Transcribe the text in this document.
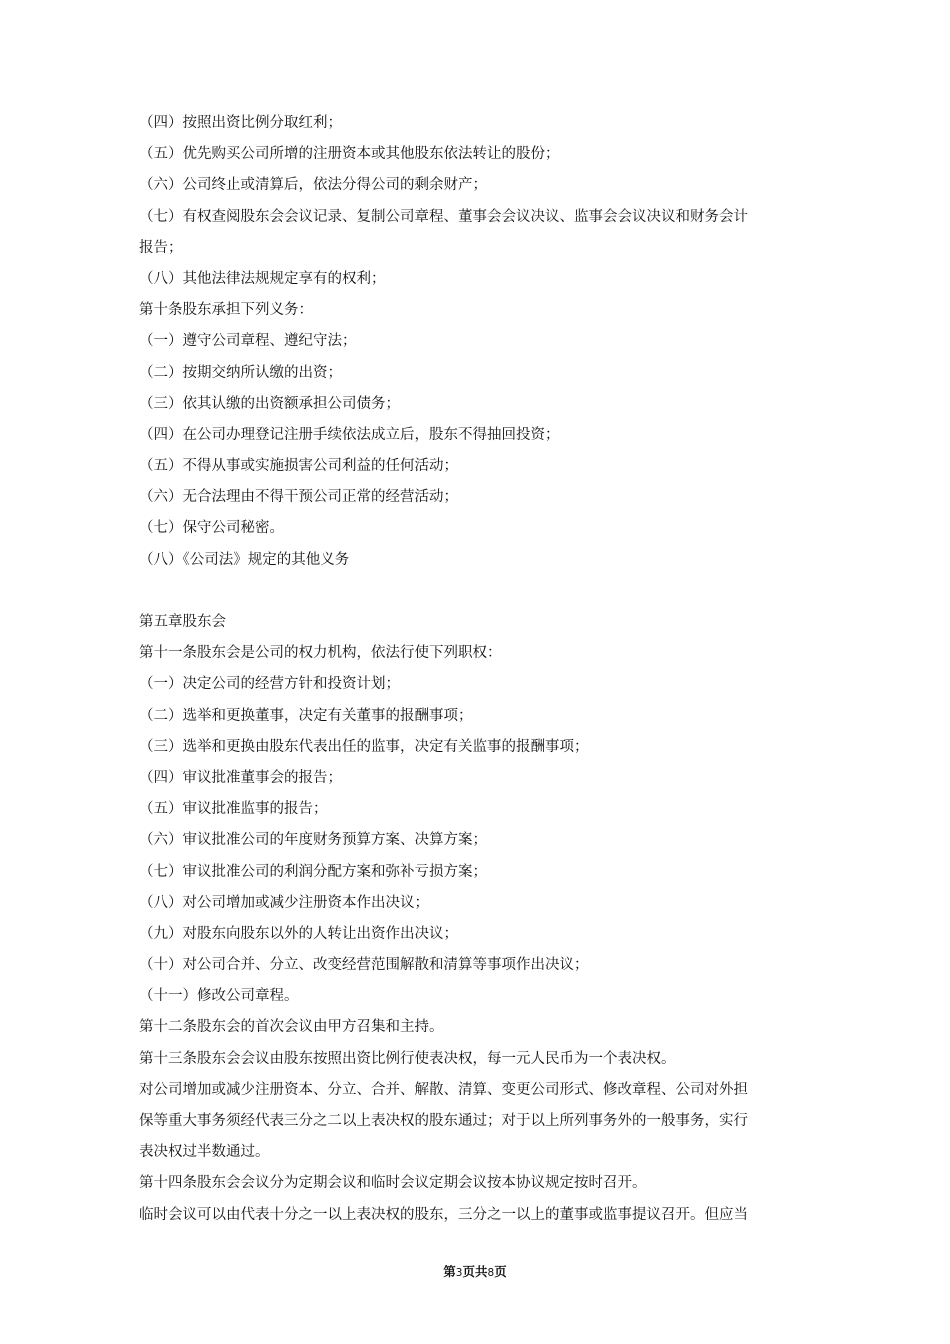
（四）按照出资比例分取红利；
（五）优先购买公司所增的注册资本或其他股东依法转让的股份；
（六）公司终止或清算后，依法分得公司的剩余财产；
（七）有权查阅股东会会议记录、复制公司章程、董事会会议决议、监事会会议决议和财务会计
报告；
（八）其他法律法规规定享有的权利；
第十条股东承担下列义务：
（一）遵守公司章程、遵纪守法；
（二）按期交纳所认缴的出资；
（三）依其认缴的出资额承担公司债务；
（四）在公司办理登记注册手续依法成立后，股东不得抽回投资；
（五）不得从事或实施损害公司利益的任何活动；
（六）无合法理由不得干预公司正常的经营活动；
（七）保守公司秘密。
（八）《公司法》规定的其他义务
第五章股东会
第十一条股东会是公司的权力机构，依法行使下列职权：
（一）决定公司的经营方针和投资计划；
（二）选举和更换董事，决定有关董事的报酬事项；
（三）选举和更换由股东代表出任的监事，决定有关监事的报酬事项；
（四）审议批准董事会的报告；
（五）审议批准监事的报告；
（六）审议批准公司的年度财务预算方案、决算方案；
（七）审议批准公司的利润分配方案和弥补亏损方案；
（八）对公司增加或减少注册资本作出决议；
（九）对股东向股东以外的人转让出资作出决议；
（十）对公司合并、分立、改变经营范围解散和清算等事项作出决议；
（十一）修改公司章程。
第十二条股东会的首次会议由甲方召集和主持。
第十三条股东会会议由股东按照出资比例行使表决权，每一元人民币为一个表决权。
对公司增加或减少注册资本、分立、合并、解散、清算、变更公司形式、修改章程、公司对外担
保等重大事务须经代表三分之二以上表决权的股东通过；对于以上所列事务外的一般事务，实行
表决权过半数通过。
第十四条股东会会议分为定期会议和临时会议定期会议按本协议规定按时召开。
临时会议可以由代表十分之一以上表决权的股东，三分之一以上的董事或监事提议召开。但应当
第3页共8页
